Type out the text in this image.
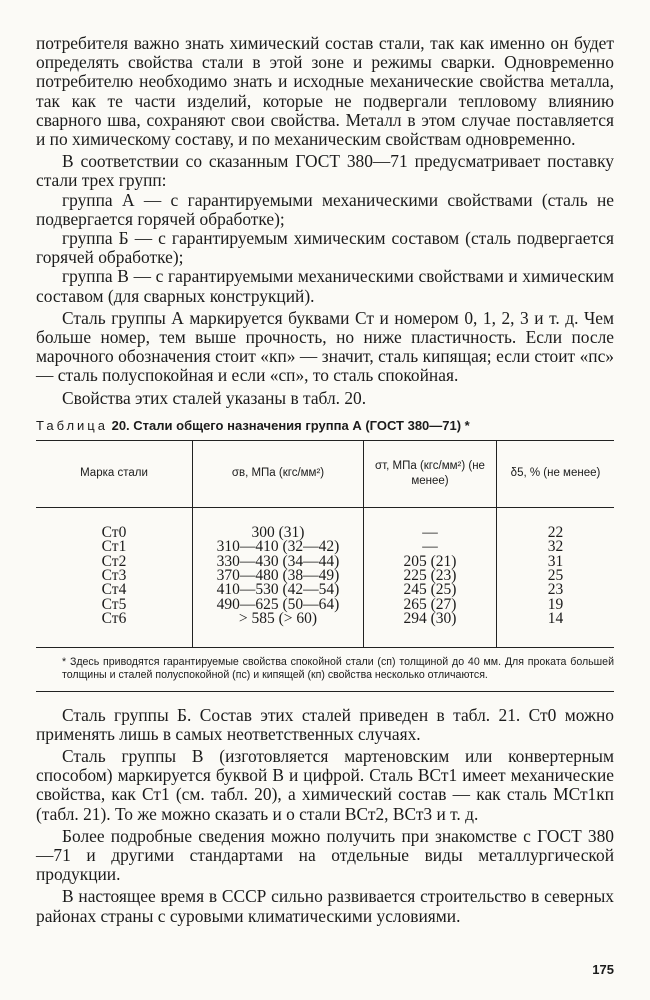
потребителя важно знать химический состав стали, так как именно он будет определять свойства стали в этой зоне и режимы сварки. Одновременно потребителю необходимо знать и исходные механические свойства металла, так как те части изделий, которые не подвергали тепловому влиянию сварного шва, сохраняют свои свойства. Металл в этом случае поставляется и по химическому составу, и по механическим свойствам одновременно.

В соответствии со сказанным ГОСТ 380—71 предусматривает поставку стали трех групп:

группа А — с гарантируемыми механическими свойствами (сталь не подвергается горячей обработке);

группа Б — с гарантируемым химическим составом (сталь подвергается горячей обработке);

группа В — с гарантируемыми механическими свойствами и химическим составом (для сварных конструкций).

Сталь группы А маркируется буквами Ст и номером 0, 1, 2, 3 и т. д. Чем больше номер, тем выше прочность, но ниже пластичность. Если после марочного обозначения стоит «кп» — значит, сталь кипящая; если стоит «пс» — сталь полуспокойная и если «сп», то сталь спокойная.

Свойства этих сталей указаны в табл. 20.

Таблица 20. Стали общего назначения группа А (ГОСТ 380—71) *
Марка стали	σв, МПа (кгс/мм²)	σт, МПа (кгс/мм²) (не менее)	δ5, % (не менее)
Ст0	300 (31)	—	22
Ст1	310—410 (32—42)	—	32
Ст2	330—430 (34—44)	205 (21)	31
Ст3	370—480 (38—49)	225 (23)	25
Ст4	410—530 (42—54)	245 (25)	23
Ст5	490—625 (50—64)	265 (27)	19
Ст6	> 585 (> 60)	294 (30)	14
* Здесь приводятся гарантируемые свойства спокойной стали (сп) толщиной до 40 мм. Для проката большей толщины и сталей полуспокойной (пс) и кипящей (кп) свойства несколько отличаются.

Сталь группы Б. Состав этих сталей приведен в табл. 21. Ст0 можно применять лишь в самых неответственных случаях.

Сталь группы В (изготовляется мартеновским или конвертерным способом) маркируется буквой В и цифрой. Сталь ВСт1 имеет механические свойства, как Ст1 (см. табл. 20), а химический состав — как сталь МСт1кп (табл. 21). То же можно сказать и о стали ВСт2, ВСт3 и т. д.

Более подробные сведения можно получить при знакомстве с ГОСТ 380—71 и другими стандартами на отдельные виды металлургической продукции.

В настоящее время в СССР сильно развивается строительство в северных районах страны с суровыми климатическими условиями.

175
